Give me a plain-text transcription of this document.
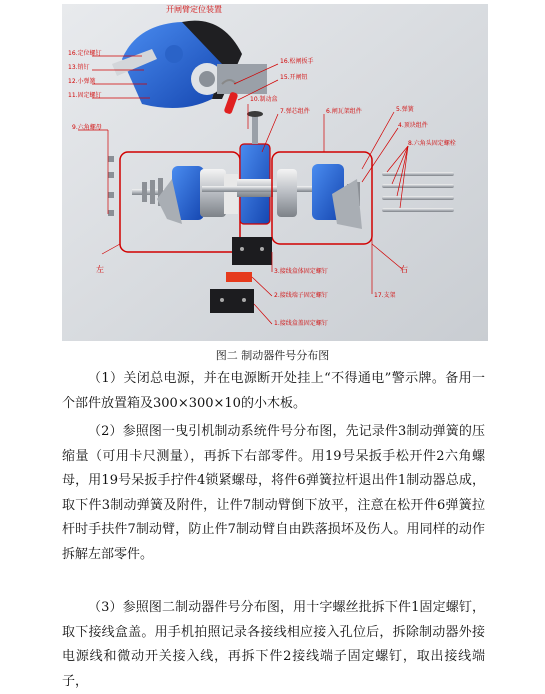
开闸臂定位装置
16.定位螺钉
13.销钉
12.小弹簧
11.固定螺钉
16.松闸扳手
15.开闸钮
10.制动盒
7.弹芯组件	6.闸瓦架组件	5.弹簧
4.顶块组件
8.六角头固定螺栓
9.六角螺母
3.接线盒体固定螺钉
2.接线端子固定螺钉
1.接线盒盖固定螺钉
17.支架
左	右
图二 制动器件号分布图
（1）关闭总电源，并在电源断开处挂上“不得通电”警示牌。备用一个部件放置箱及300×300×10的小木板。
（2）参照图一曳引机制动系统件号分布图，先记录件3制动弹簧的压缩量（可用卡尺测量），再拆下右部零件。用19号呆扳手松开件2六角螺母，用19号呆扳手拧件4锁紧螺母，将件6弹簧拉杆退出件1制动器总成，取下件3制动弹簧及附件，让件7制动臂倒下放平，注意在松开件6弹簧拉杆时手扶件7制动臂，防止件7制动臂自由跌落损坏及伤人。用同样的动作拆解左部零件。
（3）参照图二制动器件号分布图，用十字螺丝批拆下件1固定螺钉，取下接线盒盖。用手机拍照记录各接线相应接入孔位后，拆除制动器外接电源线和微动开关接入线，再拆下件2接线端子固定螺钉，取出接线端子，
